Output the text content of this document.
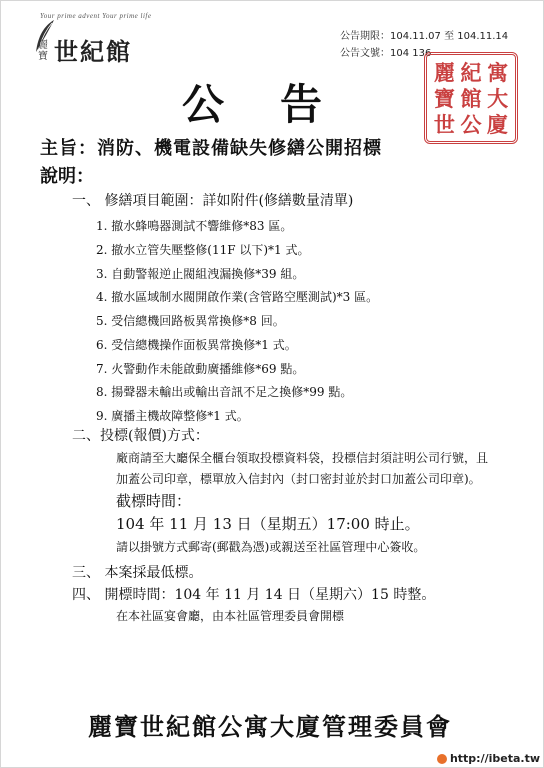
Your prime advent Your prime life
麗寶 世紀館
公告期限：104.11.07 至 104.11.14
公告文號：104 136
麗 紀 寓
寶 館 大
世 公 廈
公告
主旨：消防、機電設備缺失修繕公開招標
說明：
一、 修繕項目範圍：詳如附件(修繕數量清單)
1. 撤水蜂鳴器測試不響維修*83 區。
2. 撤水立管失壓整修(11F 以下)*1 式。
3. 自動警報逆止閥組洩漏換修*39 組。
4. 撤水區域制水閥開啟作業(含管路空壓測試)*3 區。
5. 受信總機回路板異常換修*8 回。
6. 受信總機操作面板異常換修*1 式。
7. 火警動作未能啟動廣播維修*69 點。
8. 揚聲器未輸出或輸出音訊不足之換修*99 點。
9. 廣播主機故障整修*1 式。
二、投標(報價)方式：
廠商請至大廳保全櫃台領取投標資料袋，投標信封須註明公司行號，且
加蓋公司印章，標單放入信封內（封口密封並於封口加蓋公司印章)。
截標時間：
104 年 11 月 13 日（星期五）17:00 時止。
請以掛號方式郵寄(郵戳為憑)或親送至社區管理中心簽收。
三、 本案採最低標。
四、 開標時間：104 年 11 月 14 日（星期六）15 時整。
在本社區宴會廳，由本社區管理委員會開標
麗寶世紀館公寓大廈管理委員會
http://ibeta.tw
